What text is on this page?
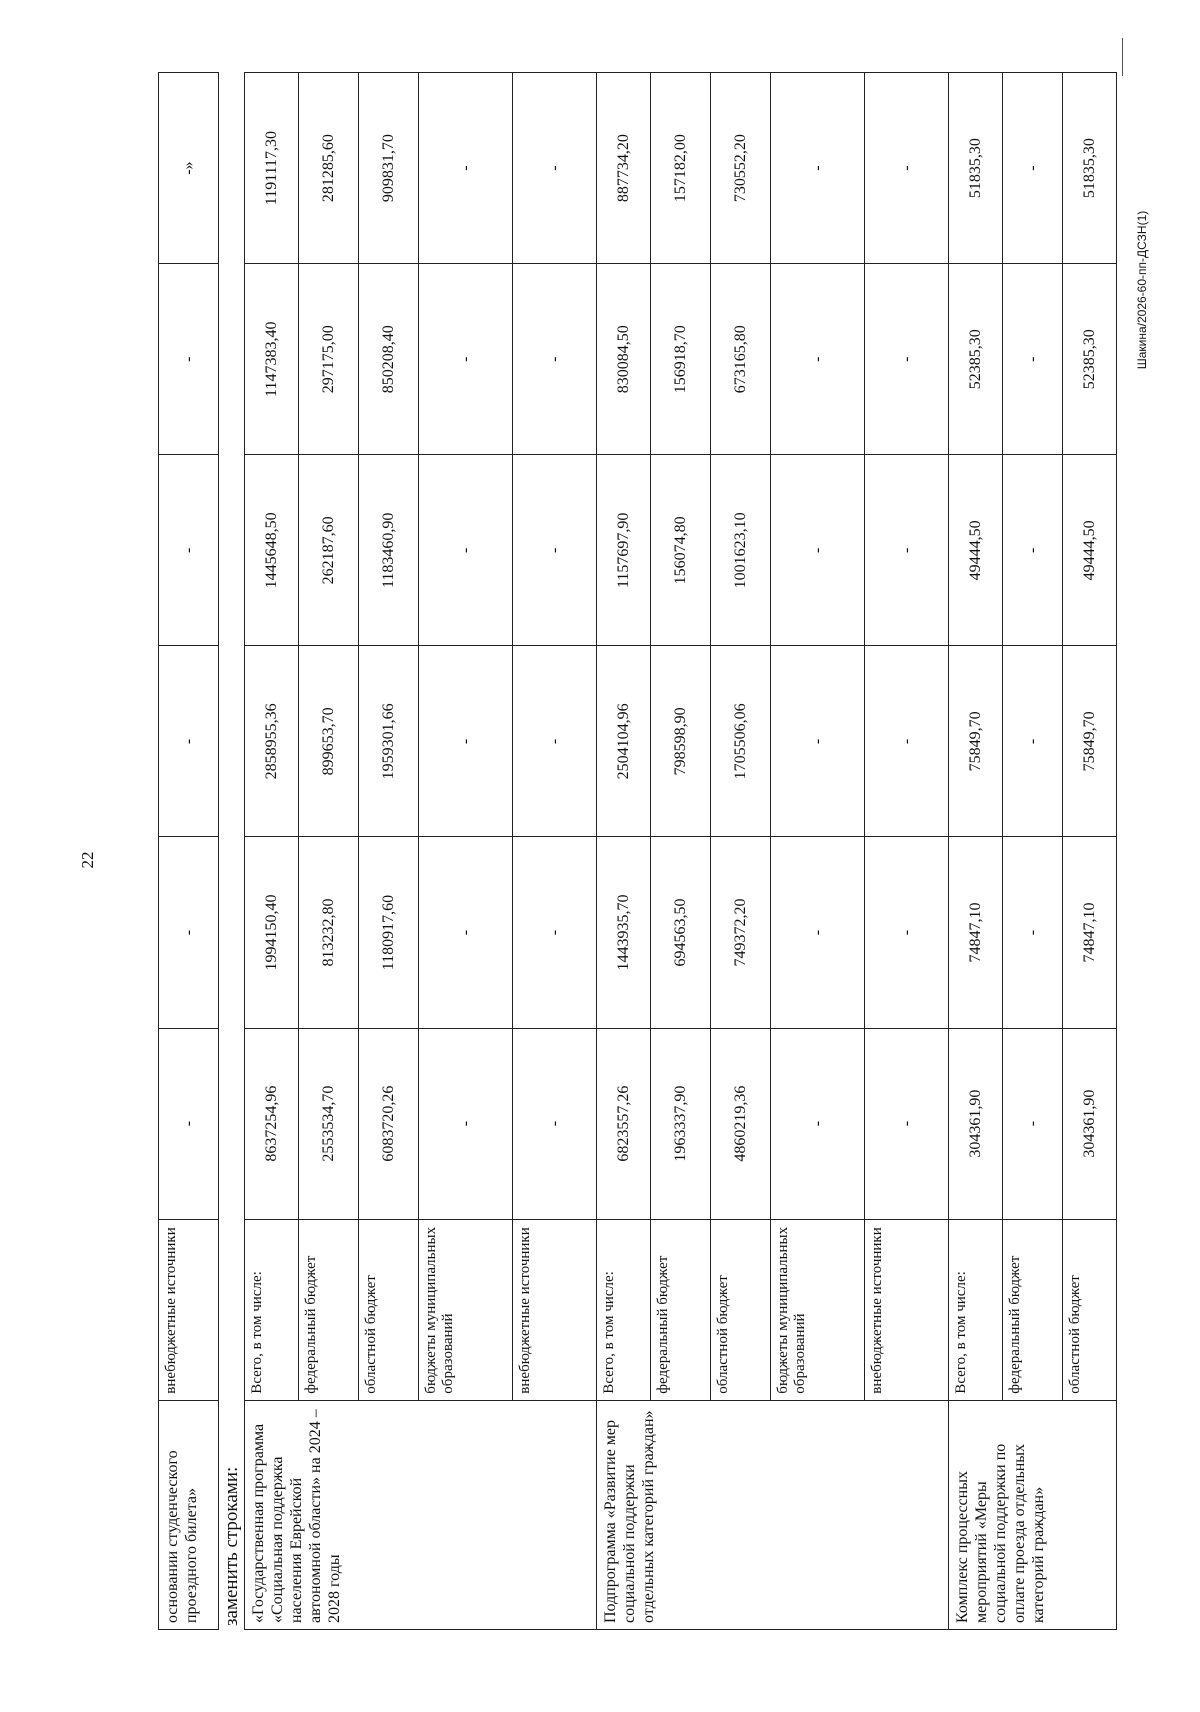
22
Шакина/2026-60-пп-ДСЗН(1)
основании студенческого проездного билета»	внебюджетные источники	-	-	-	-	-	-»
заменить строками: «Государственная программа «Социальная поддержка населения Еврейской автономной области» на 2024 – 2028 годы	Всего, в том числе:	8637254,96	1994150,40	2858955,36	1445648,50	1147383,40	1191117,30
	федеральный бюджет	2553534,70	813232,80	899653,70	262187,60	297175,00	281285,60
	областной бюджет	6083720,26	1180917,60	1959301,66	1183460,90	850208,40	909831,70
	бюджеты муниципальных образований	-	-	-	-	-	-
	внебюджетные источники	-	-	-	-	-	-
Подпрограмма «Развитие мер социальной поддержки отдельных категорий граждан»	Всего, в том числе:	6823557,26	1443935,70	2504104,96	1157697,90	830084,50	887734,20
	федеральный бюджет	1963337,90	694563,50	798598,90	156074,80	156918,70	157182,00
	областной бюджет	4860219,36	749372,20	1705506,06	1001623,10	673165,80	730552,20
	бюджеты муниципальных образований	-	-	-	-	-	-
	внебюджетные источники	-	-	-	-	-	-
Комплекс процессных мероприятий «Меры социальной поддержки по оплате проезда отдельных категорий граждан»	Всего, в том числе:	304361,90	74847,10	75849,70	49444,50	52385,30	51835,30
	федеральный бюджет	-	-	-	-	-	-
	областной бюджет	304361,90	74847,10	75849,70	49444,50	52385,30	51835,30
